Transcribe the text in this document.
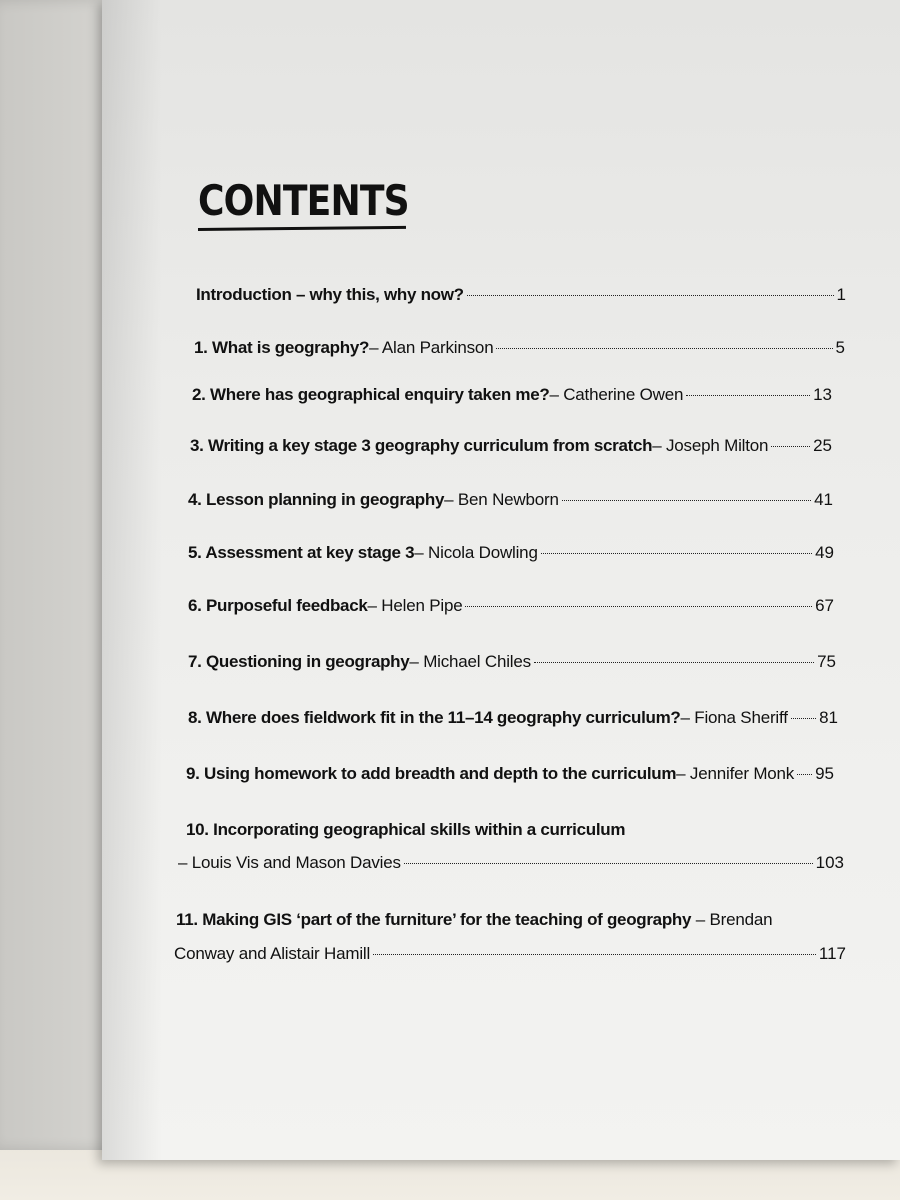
CONTENTS
Introduction – why this, why now?	1
1. What is geography? – Alan Parkinson	5
2. Where has geographical enquiry taken me? – Catherine Owen	13
3. Writing a key stage 3 geography curriculum from scratch – Joseph Milton	25
4. Lesson planning in geography – Ben Newborn	41
5. Assessment at key stage 3 – Nicola Dowling	49
6. Purposeful feedback – Helen Pipe	67
7. Questioning in geography – Michael Chiles	75
8. Where does fieldwork fit in the 11–14 geography curriculum? – Fiona Sheriff 81
9. Using homework to add breadth and depth to the curriculum – Jennifer Monk 95
10. Incorporating geographical skills within a curriculum
– Louis Vis and Mason Davies	103
11. Making GIS ‘part of the furniture’ for the teaching of geography – Brendan
Conway and Alistair Hamill	117
